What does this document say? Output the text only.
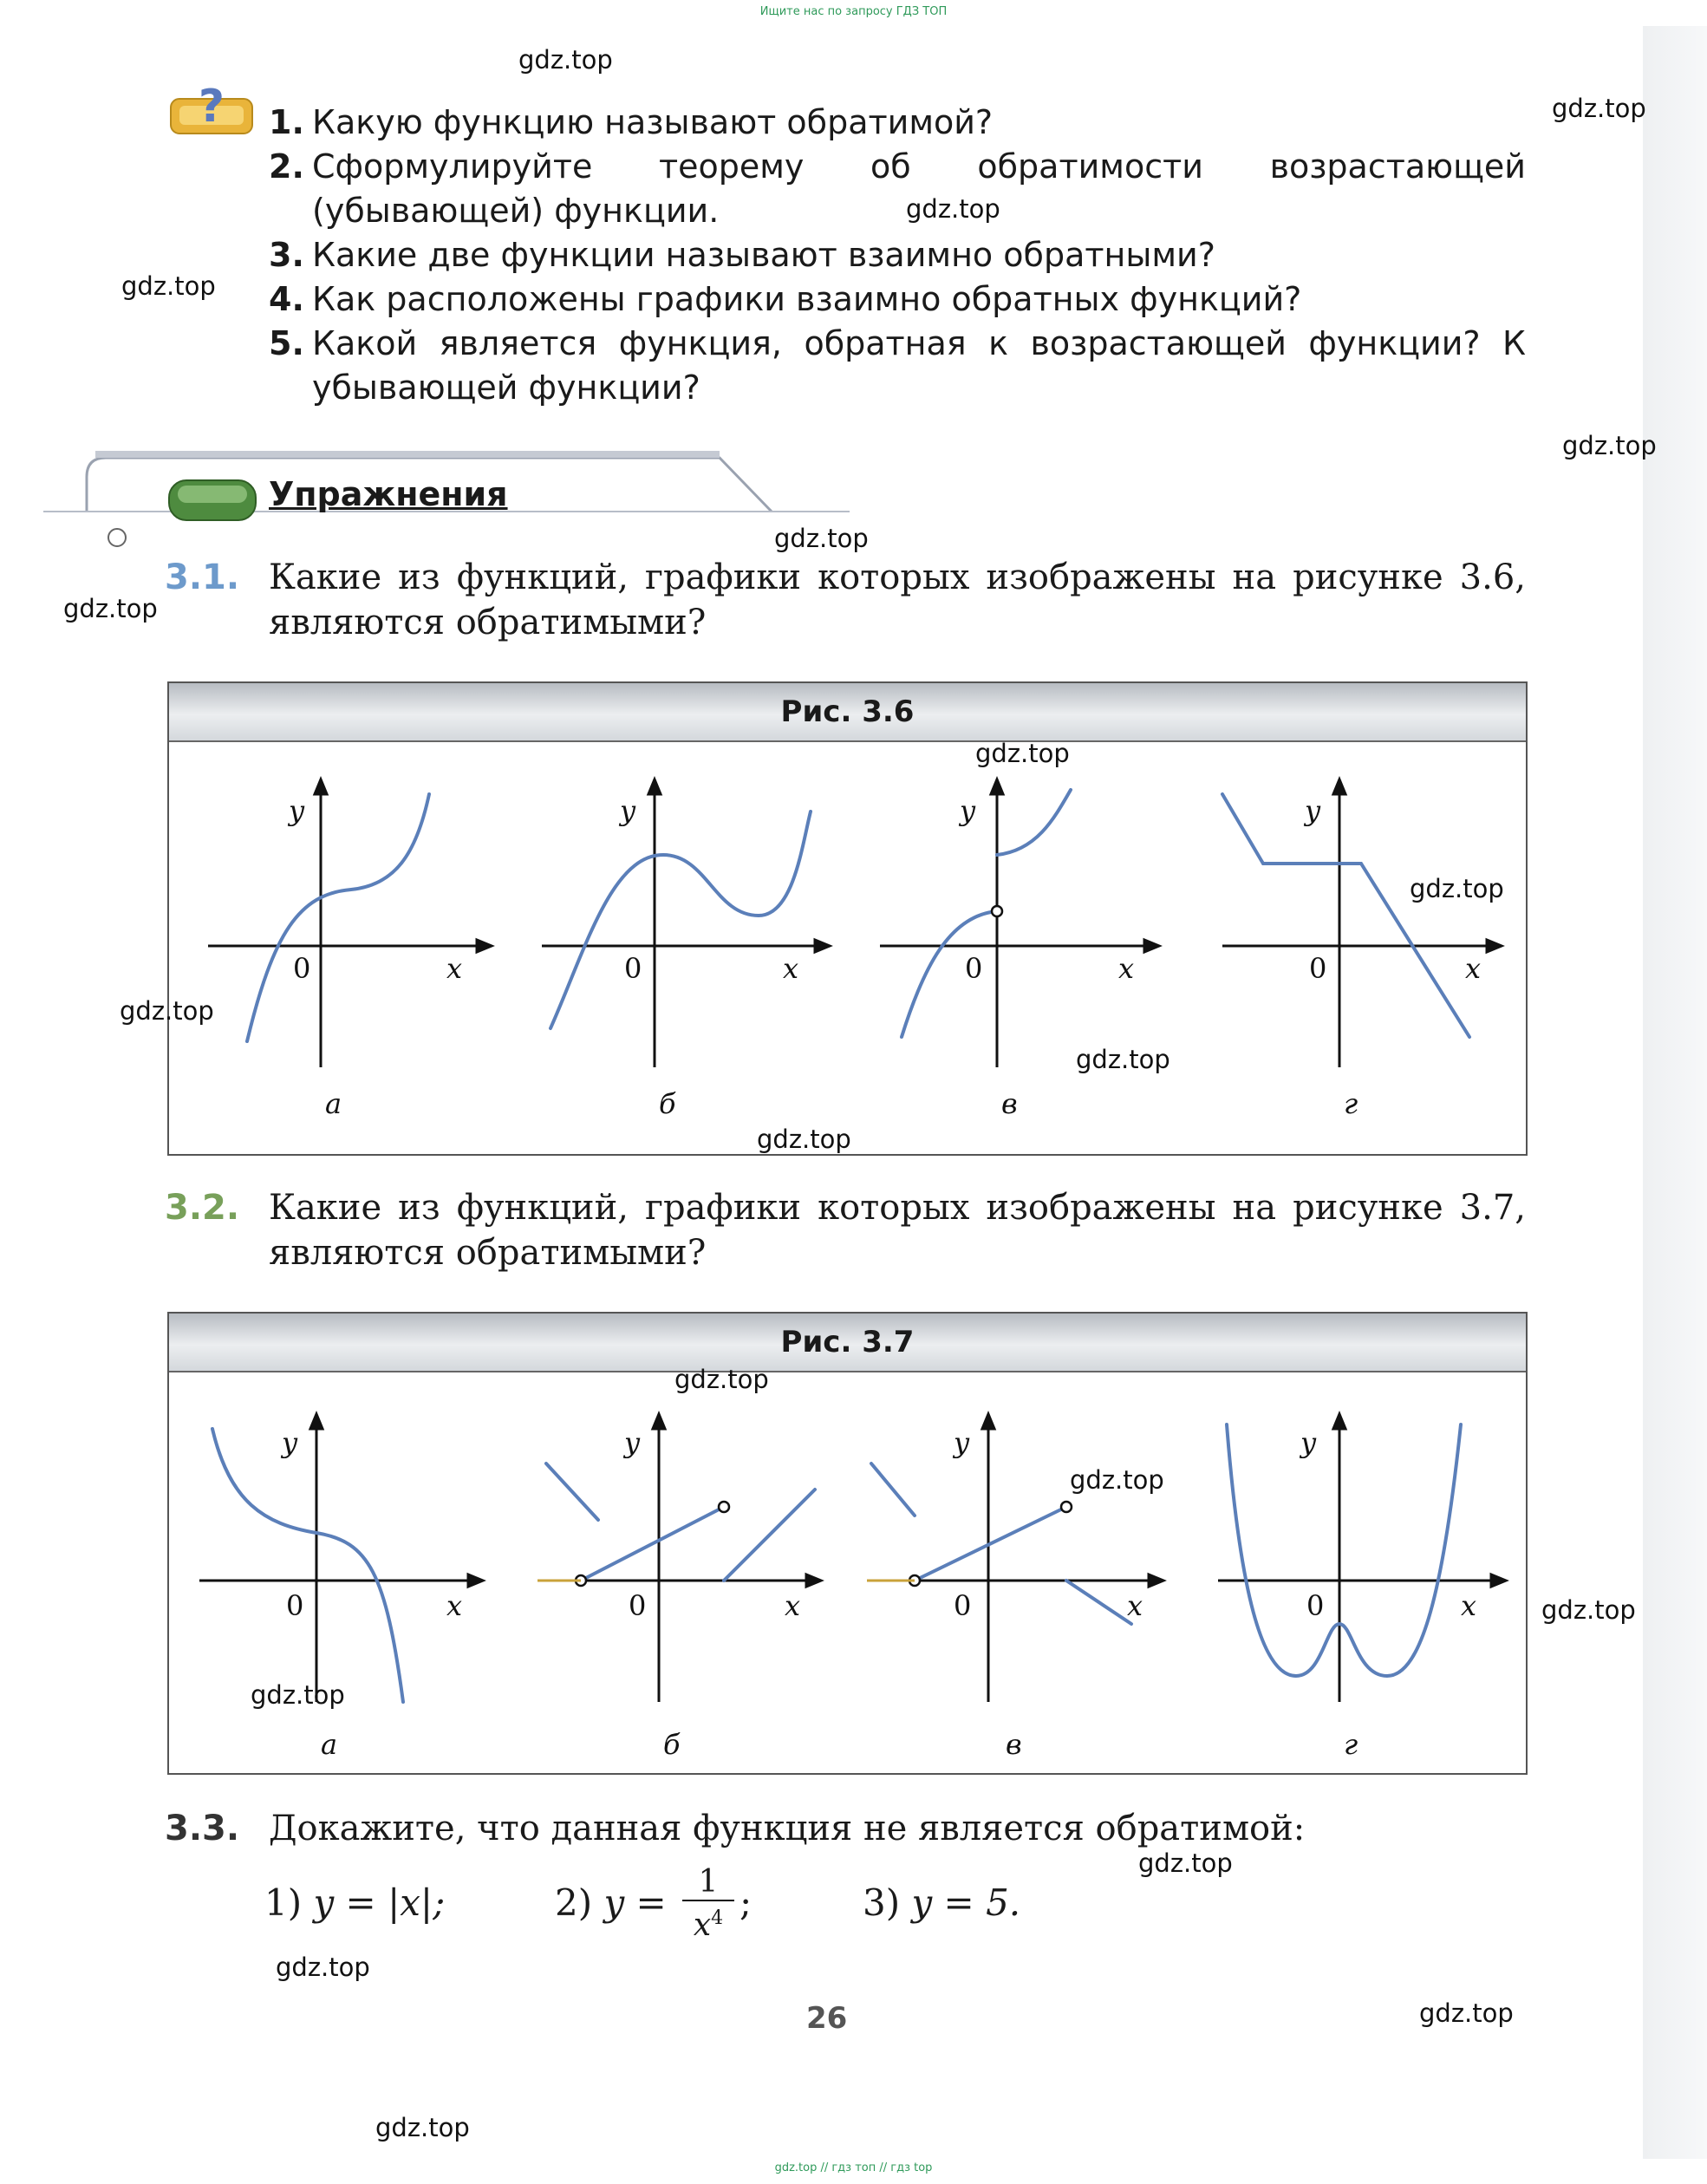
Ищите нас по запросу ГДЗ ТОП
? 1. Какую функцию называют обратимой?
2. Сформулируйте теорему об обратимости возрастающей (убывающей) функции.
3. Какие две функции называют взаимно обратными?
4. Как расположены графики взаимно обратных функций?
5. Какой является функция, обратная к возрастающей функции? К убывающей функции?
Упражнения
3.1. Какие из функций, графики которых изображены на рисунке 3.6, являются обратимыми?
Рис. 3.6
y
x
0
y
x
0
y
x
0
y
x
0
а	б	в	г
3.2. Какие из функций, графики которых изображены на рисунке 3.7, являются обратимыми?
Рис. 3.7
y
x
0
y
x
0
y
x
0
y
x
0
а	б	в	г
3.3. Докажите, что данная функция не является обратимой:
1) y = |x|;	2) y =	1
$x^4$ ;	3) y = 5.
26
gdz.top
gdz.top
gdz.top
gdz.top
gdz.top
gdz.top
gdz.top
gdz.top
gdz.top
gdz.top
gdz.top
gdz.top
gdz.top
gdz.top
gdz.top
gdz.top
gdz.top
gdz.top
gdz.top
gdz.top
gdz.top // гдз топ // гдз top
